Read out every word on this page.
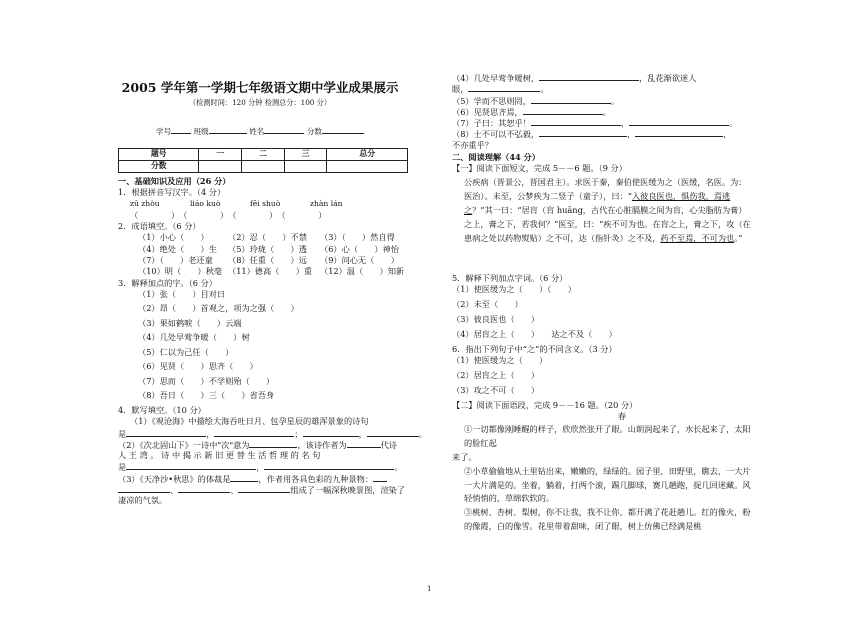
2005 学年第一学期七年级语文期中学业成果展示
（检测时间：120 分钟 检测总分：100 分）
学号	班级	姓名	分数
题号	一	二	三	总分
分数				
一、基础知识及应用（26 分）
1．根据拼音写汉字。（4 分）
zū zhòu	liáo kuò	fēi shuò	zhàn lán
（　　　　）　（　　　　）　（　　　　）　（　　　　）
2．成语填空。（6 分）
（1）小心（　　）	（2）忍（　　）不禁	（3）（　　）然自得
（4）绝处（　　）生	（5）玲珑（　　）透	（6）心（　　）神怡
（7）（　　）老还童	（8）任重（　　）远	（9）问心无（　　）
（10）明（　　）秋毫 （11）德高（　　）重 （12）温（　　）知新
3．解释加点的字。（6 分）
（1）张（　　）目对日
（2）昂（　　）首观之，项为之强（　　）
（3）果如鹤唳（　　）云端
（4）几处早莺争暖（　　）树
（5）仁以为己任（　　）
（6）见贤（　　）思齐（　　）
（7）思而（　　）不学则殆（　　）
（8）吾日（　　）三（　　）省吾身
4．默写填空。（10 分）
（1）《观沧海》中描绘大海吞吐日月、包孕星辰的雄浑景象的诗句
是	，	；	，	。
（2）《次北固山下》一诗中"次"意为	，该诗作者为	代诗
人 王 湾 。 诗 中 揭 示 新 旧 更 替 生 活 哲 理 的 名 句
是	，	。
（3）《天净沙•秋思》的体裁是	，作者用各具色彩的九种景物：
、	、	组成了一幅深秋晚景图，渲染了
凄凉的气氛。
（4）几处早莺争暖树，	，乱花渐欲迷人
眼，	。
（5）学而不思则罔，	。
（6）见贤思齐焉，	。
（7）子曰：其恕乎！	，	。
（8）士不可以不弘毅，	，	，
不亦重乎？
二、阅读理解（44 分）
【一】阅读下面短文，完成 5－－6 题。（9 分）
公疾病（晋景公，晋国君主）。求医于秦，秦伯使医缓为之（医缓，名医。为：医治）。未至，公梦疾为二竖子（童子），曰：“入彼良医也，惧伤我，焉逃之？”其一曰：“居肓（肓 huāng，古代在心脏膈膜之间为肓，心尖脂肪为膏）之上，膏之下，若我何？”医至，曰：“疾不可为也。在肓之上，膏之下，攻（在患病之处以药物熨贴）之不可，达（指针灸）之不及，药不至焉，不可为也。”
5．解释下列加点字词。（6 分）
（1）使医缓为之（　　）（　　）
（2）未至（　　）
（3）彼良医也（　　）
（4）居肓之上（　　）　　达之不及（　　）
6．指出下列句子中“之”的不同含义。（3 分）
（1）使医缓为之（　　）
（2）居肓之上（　　）
（3）攻之不可（　　）
【二】阅读下面语段，完成 9－－16 题。（20 分）
春
①一切都像刚睡醒的样子，欣欣然张开了眼。山朗润起来了，水长起来了，太阳的脸红起
来了。
②小草偷偷地从土里钻出来，嫩嫩的，绿绿的。园子里，田野里，瞧去，一大片一大片满是的。坐着，躺着，打两个滚，踢几脚球，赛几趟跑，捉几回迷藏。风轻悄悄的，草绵软软的。
③桃树、杏树、梨树，你不让我，我不让你，都开满了花赶趟儿。红的像火，粉的像霞，白的像雪。花里带着甜味，闭了眼，树上仿佛已经满是桃
1
